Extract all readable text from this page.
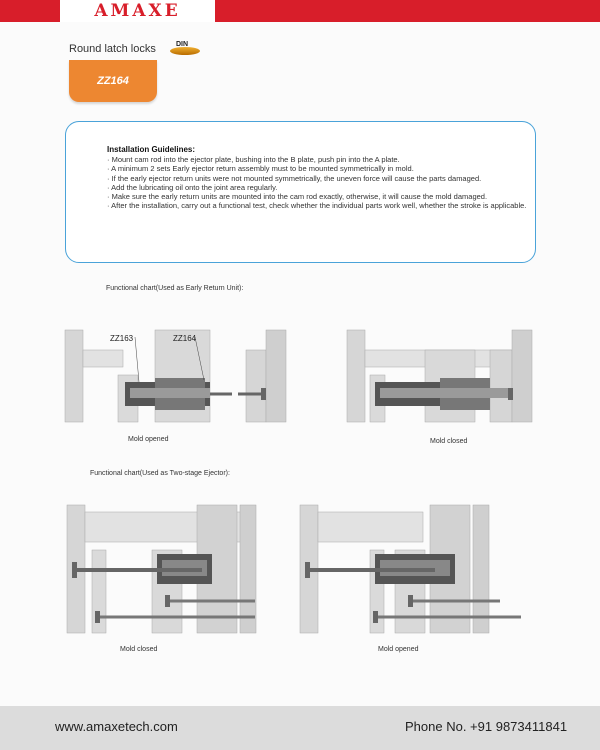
AMAXE
Round latch locks	DIN
ZZ164
Installation Guidelines:
· Mount cam rod into the ejector plate, bushing into the B plate, push pin into the A plate.
· A minimum 2 sets Early ejector return assembly must to be mounted symmetrically in mold.
· If the early ejector return units were not mounted symmetrically, the uneven force will cause the parts damaged.
· Add the lubricating oil onto the joint area regularly.
· Make sure the early return units are mounted into the cam rod exactly, otherwise, it will cause the mold damaged.
· After the installation, carry out a functional test, check whether the individual parts work well, whether the stroke is applicable.
Functional chart(Used as Early Return Unit):
ZZ163	ZZ164
Mold opened	Mold closed
Functional chart(Used as Two-stage Ejector):
Mold closed	Mold opened
www.amaxetech.com	Phone No. +91 9873411841
